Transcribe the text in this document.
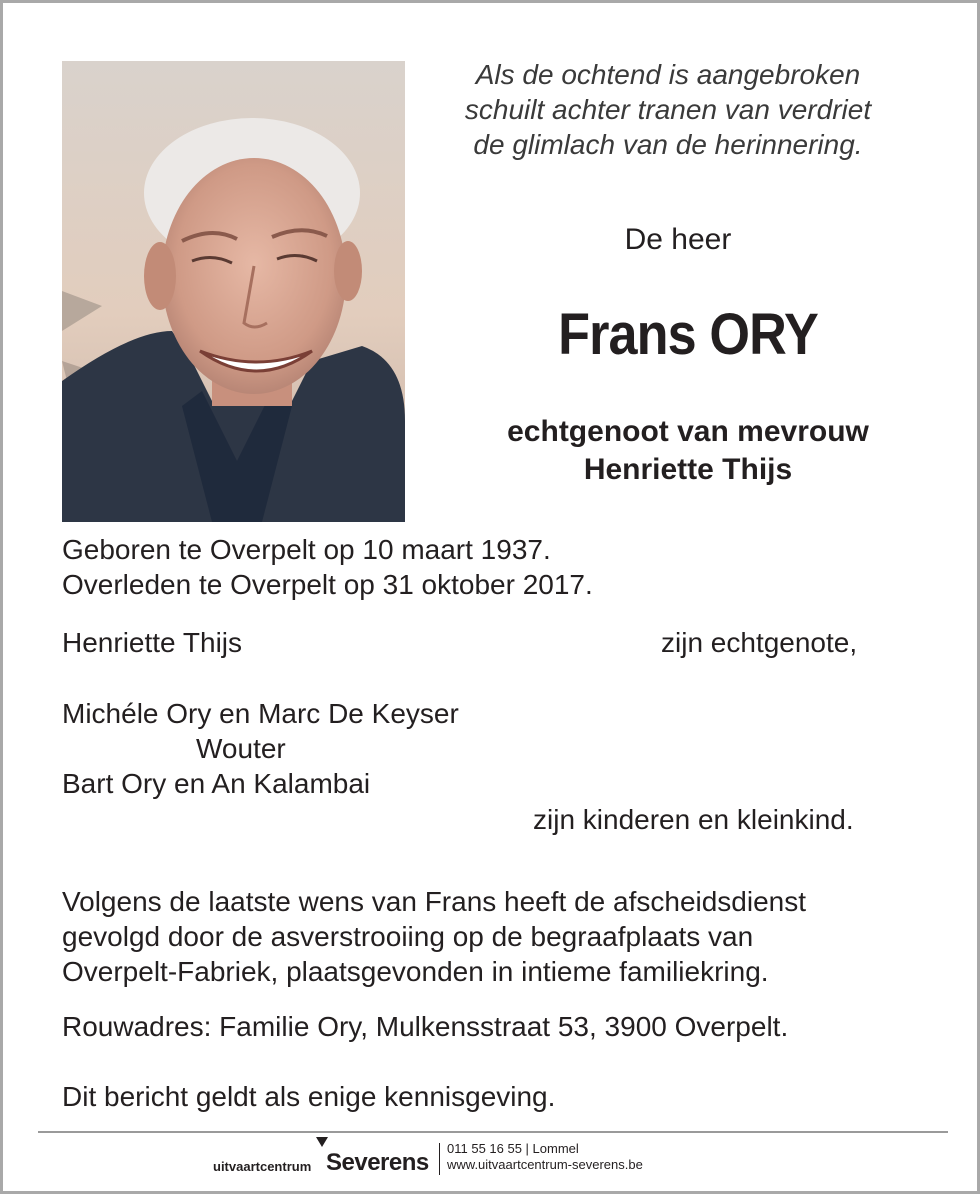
Als de ochtend is aangebroken
schuilt achter tranen van verdriet
de glimlach van de herinnering.
De heer
Frans ORY
echtgenoot van mevrouw
Henriette Thijs
Geboren te Overpelt op 10 maart 1937.
Overleden te Overpelt op 31 oktober 2017.
Henriette Thijs	zijn echtgenote,
Michéle Ory en Marc De Keyser
Wouter
Bart Ory en An Kalambai
zijn kinderen en kleinkind.
Volgens de laatste wens van Frans heeft de afscheidsdienst
gevolgd door de asverstrooiing op de begraafplaats van
Overpelt-Fabriek, plaatsgevonden in intieme familiekring.
Rouwadres: Familie Ory, Mulkensstraat 53, 3900 Overpelt.
Dit bericht geldt als enige kennisgeving.
uitvaartcentrum Severens
011 55 16 55 | Lommel
www.uitvaartcentrum-severens.be
